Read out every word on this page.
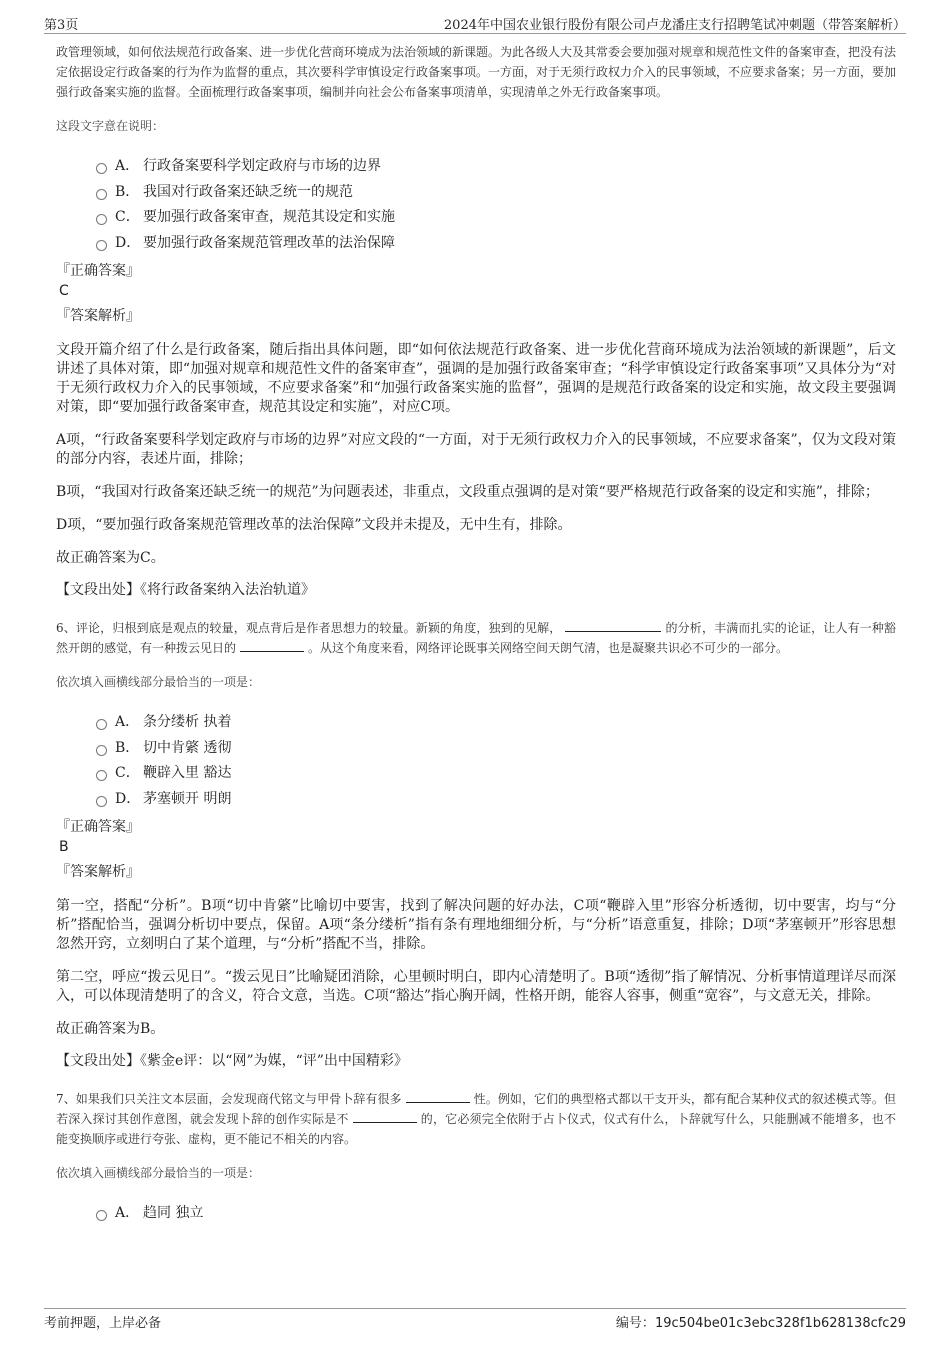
第3页	2024年中国农业银行股份有限公司卢龙潘庄支行招聘笔试冲刺题（带答案解析）

政管理领域，如何依法规范行政备案、进一步优化营商环境成为法治领域的新课题。为此各级人大及其常委会要加强对规章和规范性文件的备案审查，把没有法定依据设定行政备案的行为作为监督的重点，其次要科学审慎设定行政备案事项。一方面，对于无须行政权力介入的民事领域，不应要求备案；另一方面，要加强行政备案实施的监督。全面梳理行政备案事项，编制并向社会公布备案事项清单，实现清单之外无行政备案事项。

这段文字意在说明：

A． 行政备案要科学划定政府与市场的边界
B． 我国对行政备案还缺乏统一的规范
C． 要加强行政备案审查，规范其设定和实施
D． 要加强行政备案规范管理改革的法治保障

『正确答案』

C

『答案解析』

文段开篇介绍了什么是行政备案，随后指出具体问题，即“如何依法规范行政备案、进一步优化营商环境成为法治领域的新课题”，后文讲述了具体对策，即“加强对规章和规范性文件的备案审查”，强调的是加强行政备案审查；“科学审慎设定行政备案事项”又具体分为“对于无须行政权力介入的民事领域，不应要求备案”和“加强行政备案实施的监督”，强调的是规范行政备案的设定和实施，故文段主要强调对策，即“要加强行政备案审查，规范其设定和实施”，对应C项。

A项，“行政备案要科学划定政府与市场的边界”对应文段的“一方面，对于无须行政权力介入的民事领域，不应要求备案”，仅为文段对策的部分内容，表述片面，排除；

B项，“我国对行政备案还缺乏统一的规范”为问题表述，非重点，文段重点强调的是对策“要严格规范行政备案的设定和实施”，排除；

D项，“要加强行政备案规范管理改革的法治保障”文段并未提及，无中生有，排除。

故正确答案为C。

【文段出处】《将行政备案纳入法治轨道》

6、评论，归根到底是观点的较量，观点背后是作者思想力的较量。新颖的角度，独到的见解，	的分析，丰满而扎实的论证，让人有一种豁然开朗的感觉，有一种拨云见日的	。从这个角度来看，网络评论既事关网络空间天朗气清，也是凝聚共识必不可少的一部分。

依次填入画横线部分最恰当的一项是：

A． 条分缕析 执着
B． 切中肯綮 透彻
C． 鞭辟入里 豁达
D． 茅塞顿开 明朗

『正确答案』

B

『答案解析』

第一空，搭配“分析”。B项“切中肯綮”比喻切中要害，找到了解决问题的好办法，C项“鞭辟入里”形容分析透彻，切中要害，均与“分析”搭配恰当，强调分析切中要点，保留。A项“条分缕析”指有条有理地细细分析，与“分析”语意重复，排除；D项“茅塞顿开”形容思想忽然开窍，立刻明白了某个道理，与“分析”搭配不当，排除。

第二空，呼应“拨云见日”。“拨云见日”比喻疑团消除，心里顿时明白，即内心清楚明了。B项“透彻”指了解情况、分析事情道理详尽而深入，可以体现清楚明了的含义，符合文意，当选。C项“豁达”指心胸开阔，性格开朗，能容人容事，侧重“宽容”，与文意无关，排除。

故正确答案为B。

【文段出处】《紫金e评：以“网”为媒，“评”出中国精彩》

7、如果我们只关注文本层面，会发现商代铭文与甲骨卜辞有很多	性。例如，它们的典型格式都以干支开头，都有配合某种仪式的叙述模式等。但若深入探讨其创作意图，就会发现卜辞的创作实际是不	的，它必须完全依附于占卜仪式，仪式有什么，卜辞就写什么，只能删减不能增多，也不能变换顺序或进行夸张、虚构，更不能记不相关的内容。

依次填入画横线部分最恰当的一项是：

A． 趋同 独立
考前押题，上岸必备	编号：19c504be01c3ebc328f1b628138cfc29
